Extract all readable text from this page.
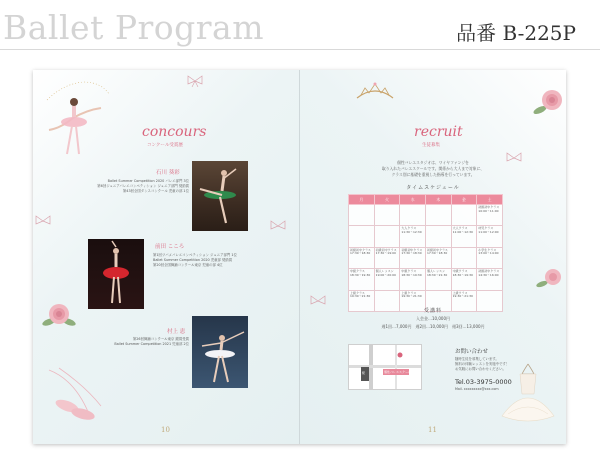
Ballet Program	品番 B-225P
concours
コンクール受賞歴
石川 葵彩
Ballet Summer Competition 2020 バレエ部門 3位
第6回ジュニアバレエコンペティション ジュニア部門 奨励賞
第43回全国ダンスコンクール 児童の部 1位
前田 こころ
第1回ツバメバレエコンペティション ジュニア部門 1位
Ballet Summer Competition 2020 児童部 奨励賞
第20回全国舞踊コンクール東京 児童の部 4位
村上 恵
第26回舞踊コンクール東京 銀賞受賞
Ballet Summer Competition 2021 児童部 2位
10
recruit
生徒募集
個性バレエスタジオは、ワイヤファンジを
取り入れたバレエスクールです。関係から大人まで対象に、
クラス別に基礎を重視した指導を行っています。
タイムスケジュール
月	火	水	木	金	土

					初級初中クラス 10:00〜11:00

		大人クラス 11:30〜12:30		大人クラス 11:00〜12:30	幼児クラス 11:00〜12:00

初級初中クラス 17:30〜18:30	初級初中クラス 17:30〜19:00	初級初中クラス 17:30〜18:30	初級初中クラス 17:30〜18:30		小学生クラス 13:00〜14:00

中級クラス 18:30〜19:30	個人レッスン 19:00〜20:00	中級クラス 18:30〜19:30	個人レッスン 18:30〜21:30	中級クラス 18:30〜19:30	初級初中クラス 14:30〜16:00

上級クラス 19:30〜21:30		上級クラス 19:30〜21:30		上級クラス 19:30〜21:30	

受講料
入会金…10,000円
週1回…7,000円　週2回…10,000円　週3回…13,000円
個性バレエスクール
駅
お問い合わせ
随時生徒を募集しています。
無料の体験レッスンを実施中です！
お気軽にお問い合わせください。
Tel.03-3975-0000
Mail. xxxxxxxxx@xxx.com
11
